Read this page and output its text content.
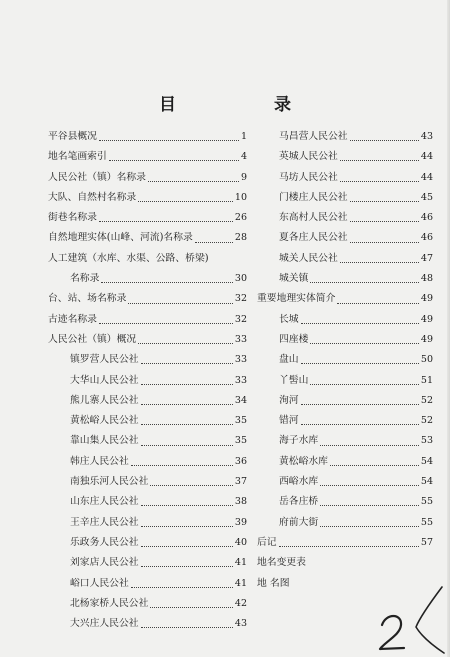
目 录
平谷县概况	1
地名笔画索引	4
人民公社（镇）名称录	9
大队、自然村名称录	10
街巷名称录	26
自然地理实体(山峰、河流)名称录	28
人工建筑（水库、水渠、公路、桥梁)
名称录	30
台、站、场名称录	32
古迹名称录	32
人民公社（镇）概况	33
镇罗营人民公社	33
大华山人民公社	33
熊儿寨人民公社	34
黄松峪人民公社	35
靠山集人民公社	35
韩庄人民公社	36
南独乐河人民公社	37
山东庄人民公社	38
王辛庄人民公社	39
乐政务人民公社	40
刘家店人民公社	41
峪口人民公社	41
北杨家桥人民公社	42
大兴庄人民公社	43
马昌营人民公社	43
英城人民公社	44
马坊人民公社	44
门楼庄人民公社	45
东高村人民公社	46
夏各庄人民公社	46
城关人民公社	47
城关镇	48
重要地理实体简介	49
长城	49
四座楼	49
盘山	50
丫髻山	51
洵河	52
错河	52
海子水库	53
黄松峪水库	54
西峪水库	54
岳各庄桥	55
府前大街	55
后记	57
地名变更表
地 名图
